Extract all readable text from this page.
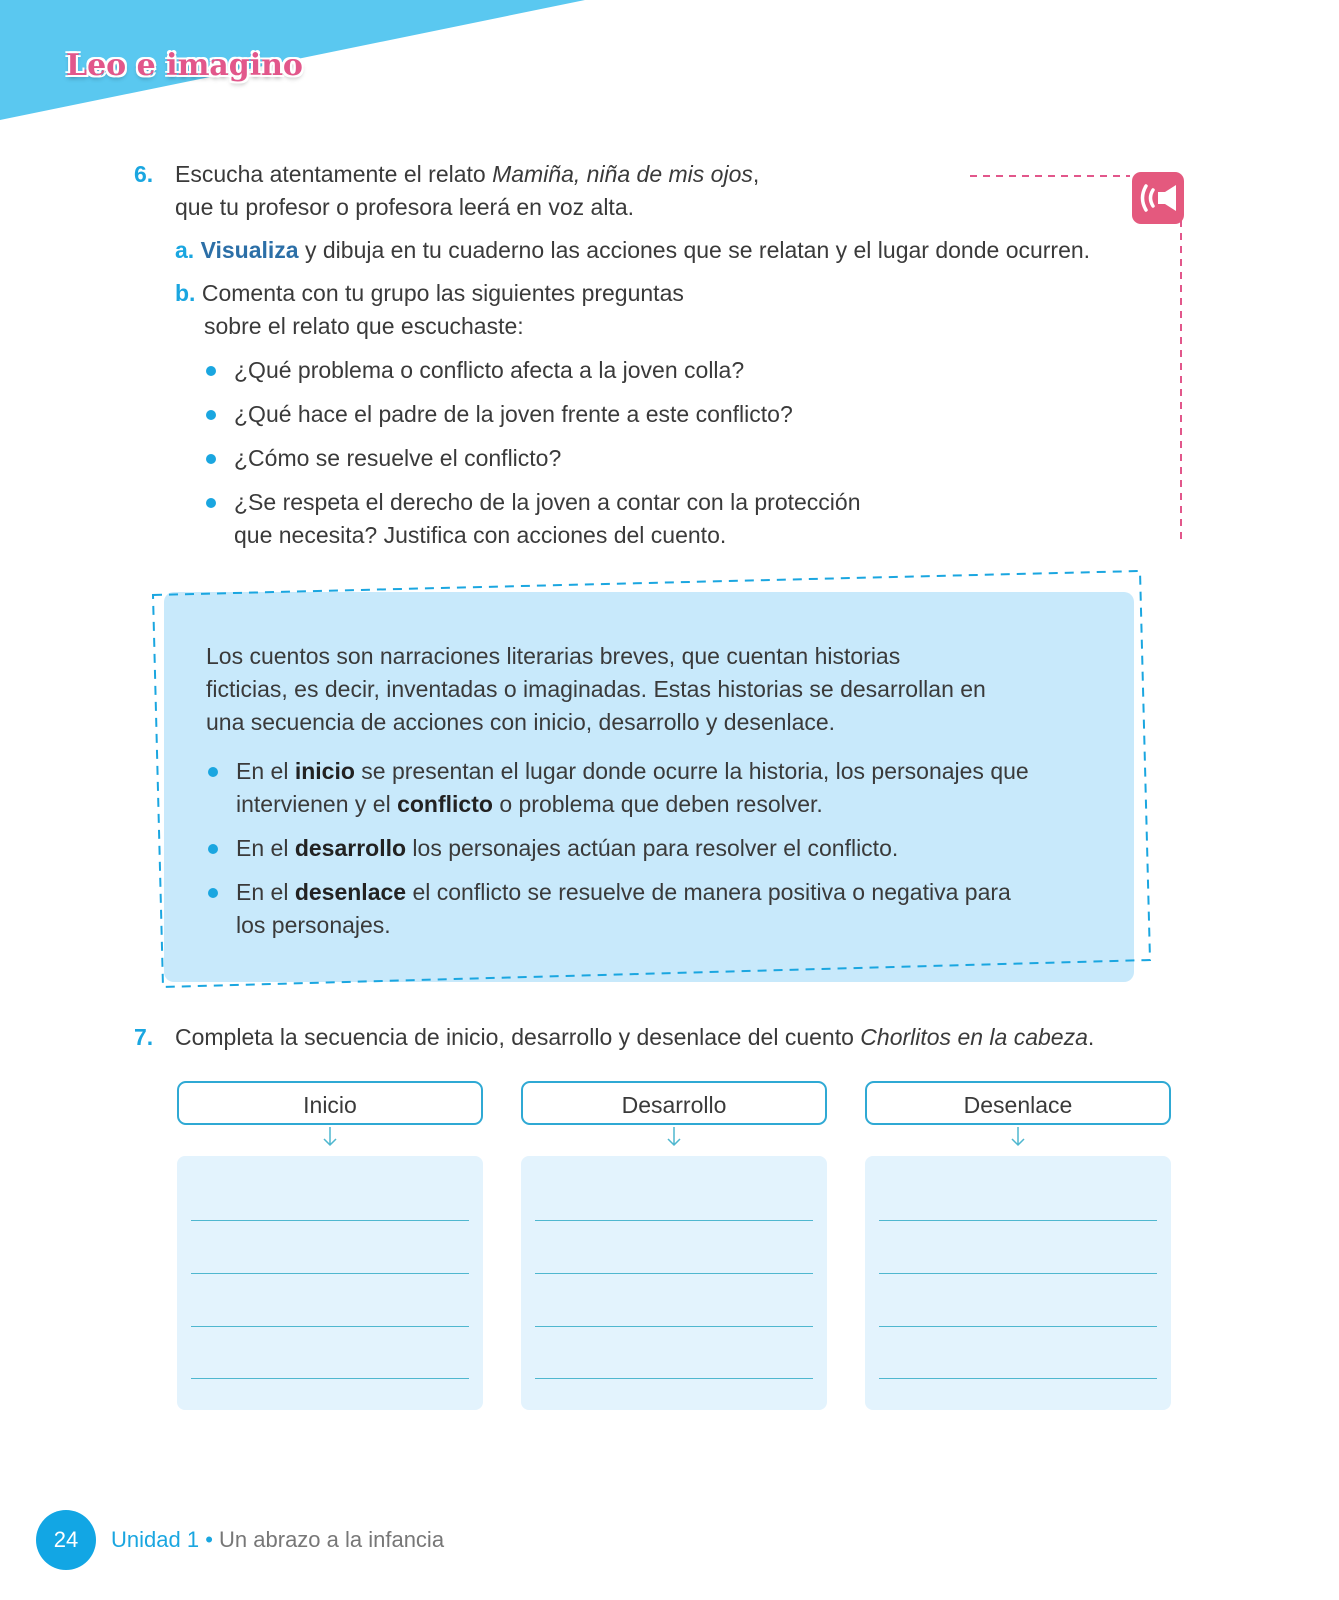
Leo e imagino
6. Escucha atentamente el relato Mamiña, niña de mis ojos,
que tu profesor o profesora leerá en voz alta.
a. Visualiza y dibuja en tu cuaderno las acciones que se relatan y el lugar donde ocurren.
b. Comenta con tu grupo las siguientes preguntas
sobre el relato que escuchaste:
¿Qué problema o conflicto afecta a la joven colla?
¿Qué hace el padre de la joven frente a este conflicto?
¿Cómo se resuelve el conflicto?
¿Se respeta el derecho de la joven a contar con la protección que necesita? Justifica con acciones del cuento.
Los cuentos son narraciones literarias breves, que cuentan historias
ficticias, es decir, inventadas o imaginadas. Estas historias se desarrollan en
una secuencia de acciones con inicio, desarrollo y desenlace.
En el inicio se presentan el lugar donde ocurre la historia, los personajes que intervienen y el conflicto o problema que deben resolver.
En el desarrollo los personajes actúan para resolver el conflicto.
En el desenlace el conflicto se resuelve de manera positiva o negativa para los personajes.
7. Completa la secuencia de inicio, desarrollo y desenlace del cuento Chorlitos en la cabeza.
Inicio	Desarrollo	Desenlace
24	Unidad 1 • Un abrazo a la infancia
